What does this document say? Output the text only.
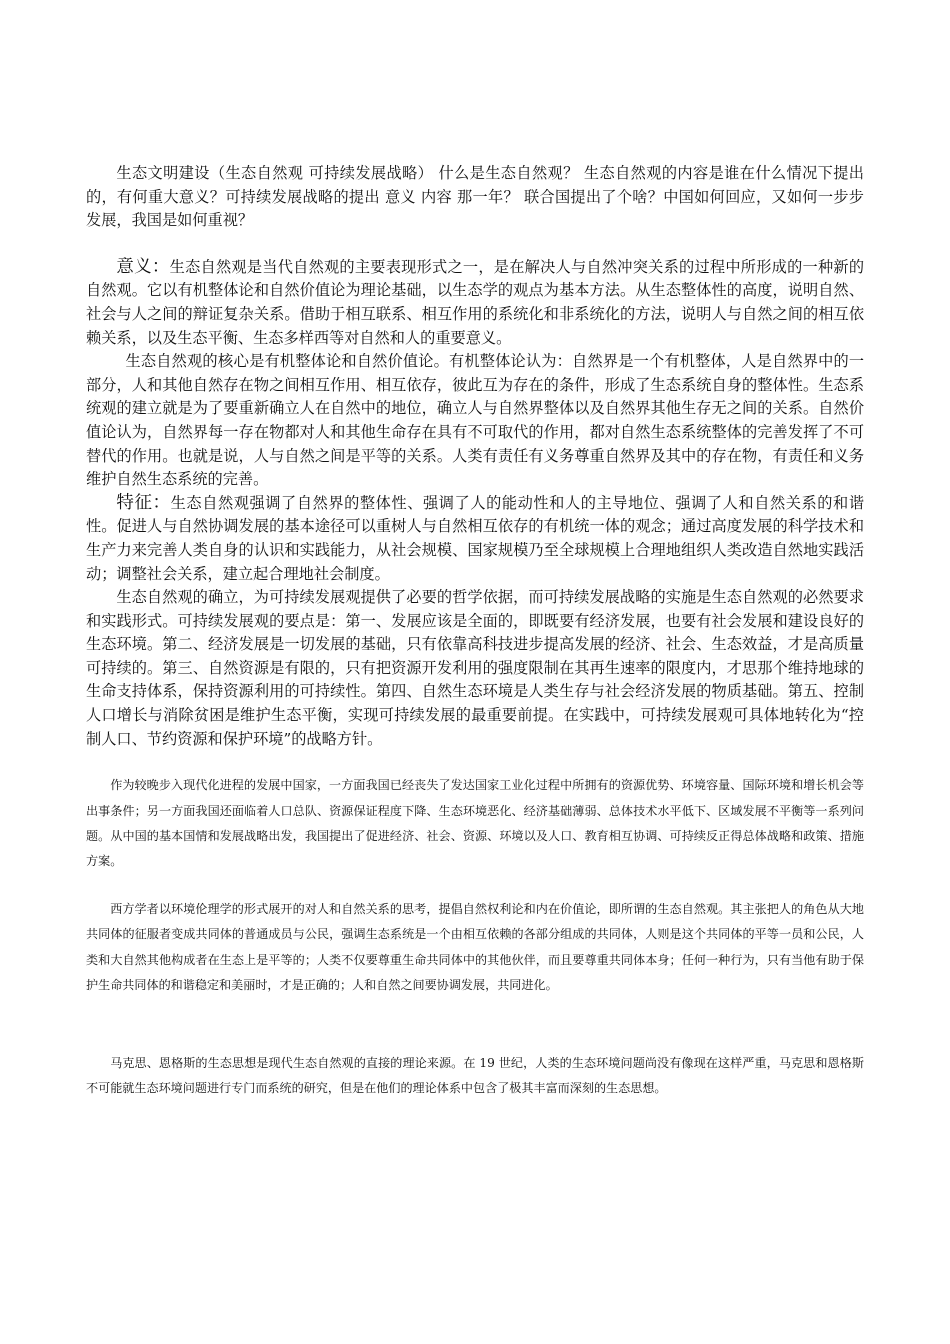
生态文明建设（生态自然观 可持续发展战略） 什么是生态自然观？ 生态自然观的内容是谁在什么情况下提出的，有何重大意义？可持续发展战略的提出 意义 内容 那一年？ 联合国提出了个啥？中国如何回应，又如何一步步发展，我国是如何重视？

意义：生态自然观是当代自然观的主要表现形式之一，是在解决人与自然冲突关系的过程中所形成的一种新的自然观。它以有机整体论和自然价值论为理论基础，以生态学的观点为基本方法。从生态整体性的高度，说明自然、社会与人之间的辩证复杂关系。借助于相互联系、相互作用的系统化和非系统化的方法，说明人与自然之间的相互依赖关系，以及生态平衡、生态多样西等对自然和人的重要意义。

生态自然观的核心是有机整体论和自然价值论。有机整体论认为：自然界是一个有机整体，人是自然界中的一部分，人和其他自然存在物之间相互作用、相互依存，彼此互为存在的条件，形成了生态系统自身的整体性。生态系统观的建立就是为了要重新确立人在自然中的地位，确立人与自然界整体以及自然界其他生存无之间的关系。自然价值论认为，自然界每一存在物都对人和其他生命存在具有不可取代的作用，都对自然生态系统整体的完善发挥了不可替代的作用。也就是说，人与自然之间是平等的关系。人类有责任有义务尊重自然界及其中的存在物，有责任和义务维护自然生态系统的完善。

特征：生态自然观强调了自然界的整体性、强调了人的能动性和人的主导地位、强调了人和自然关系的和谐性。促进人与自然协调发展的基本途径可以重树人与自然相互依存的有机统一体的观念；通过高度发展的科学技术和生产力来完善人类自身的认识和实践能力，从社会规模、国家规模乃至全球规模上合理地组织人类改造自然地实践活动；调整社会关系，建立起合理地社会制度。

生态自然观的确立，为可持续发展观提供了必要的哲学依据，而可持续发展战略的实施是生态自然观的必然要求和实践形式。可持续发展观的要点是：第一、发展应该是全面的，即既要有经济发展，也要有社会发展和建设良好的生态环境。第二、经济发展是一切发展的基础，只有依靠高科技进步提高发展的经济、社会、生态效益，才是高质量可持续的。第三、自然资源是有限的，只有把资源开发利用的强度限制在其再生速率的限度内，才思那个维持地球的生命支持体系，保持资源利用的可持续性。第四、自然生态环境是人类生存与社会经济发展的物质基础。第五、控制人口增长与消除贫困是维护生态平衡，实现可持续发展的最重要前提。在实践中，可持续发展观可具体地转化为“控制人口、节约资源和保护环境”的战略方针。

作为较晚步入现代化进程的发展中国家，一方面我国已经丧失了发达国家工业化过程中所拥有的资源优势、环境容量、国际环境和增长机会等出事条件；另一方面我国还面临着人口总队、资源保证程度下降、生态环境恶化、经济基础薄弱、总体技术水平低下、区域发展不平衡等一系列问题。从中国的基本国情和发展战略出发，我国提出了促进经济、社会、资源、环境以及人口、教育相互协调、可持续反正得总体战略和政策、措施方案。

西方学者以环境伦理学的形式展开的对人和自然关系的思考，提倡自然权利论和内在价值论，即所谓的生态自然观。其主张把人的角色从大地共同体的征服者变成共同体的普通成员与公民，强调生态系统是一个由相互依赖的各部分组成的共同体，人则是这个共同体的平等一员和公民，人类和大自然其他构成者在生态上是平等的；人类不仅要尊重生命共同体中的其他伙伴，而且要尊重共同体本身；任何一种行为，只有当他有助于保护生命共同体的和谐稳定和美丽时，才是正确的；人和自然之间要协调发展，共同进化。

马克思、恩格斯的生态思想是现代生态自然观的直接的理论来源。在 19 世纪，人类的生态环境问题尚没有像现在这样严重，马克思和恩格斯不可能就生态环境问题进行专门而系统的研究，但是在他们的理论体系中包含了极其丰富而深刻的生态思想。
